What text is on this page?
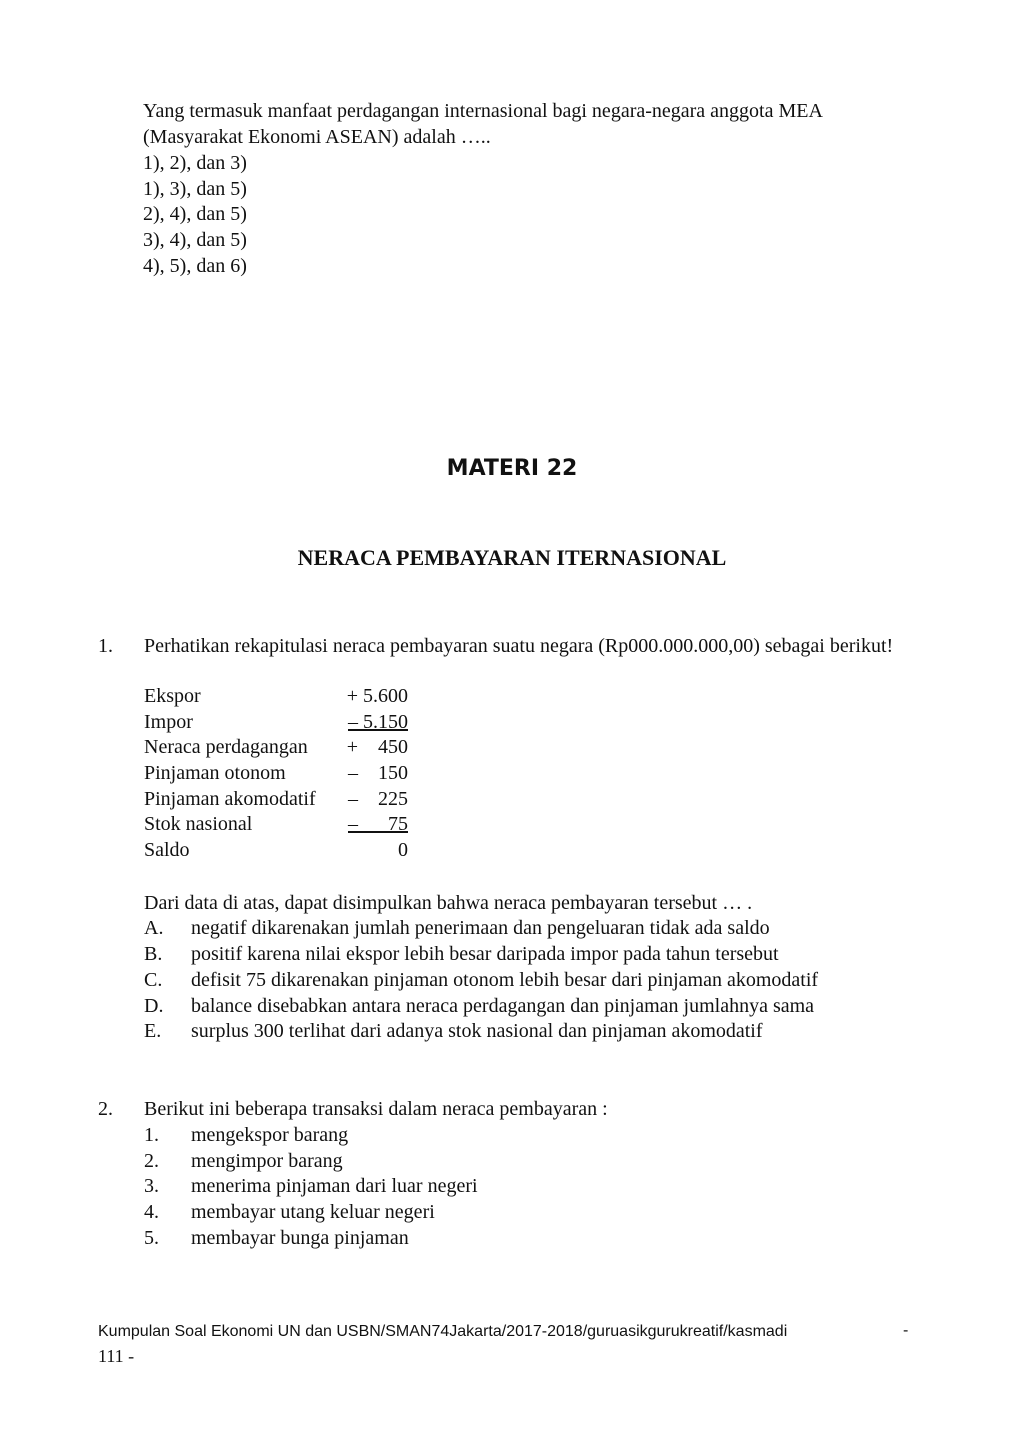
Yang termasuk manfaat perdagangan internasional bagi negara-negara anggota MEA
(Masyarakat Ekonomi ASEAN) adalah …..
1), 2), dan 3)
1), 3), dan 5)
2), 4), dan 5)
3), 4), dan 5)
4), 5), dan 6)
MATERI 22
NERACA PEMBAYARAN ITERNASIONAL
1. Perhatikan rekapitulasi neraca pembayaran suatu negara (Rp000.000.000,00) sebagai berikut!
Ekspor	+ 5.600
Impor	– 5.150
Neraca perdagangan +    450
Pinjaman otonom	–    150
Pinjaman akomodatif –    225
Stok nasional	–      75
Saldo	0
Dari data di atas, dapat disimpulkan bahwa neraca pembayaran tersebut … .
A. negatif dikarenakan jumlah penerimaan dan pengeluaran tidak ada saldo
B. positif karena nilai ekspor lebih besar daripada impor pada tahun tersebut
C. defisit 75 dikarenakan pinjaman otonom lebih besar dari pinjaman akomodatif
D. balance disebabkan antara neraca perdagangan dan pinjaman jumlahnya sama
E. surplus 300 terlihat dari adanya stok nasional dan pinjaman akomodatif
2. Berikut ini beberapa transaksi dalam neraca pembayaran :
1. mengekspor barang
2. mengimpor barang
3. menerima pinjaman dari luar negeri
4. membayar utang keluar negeri
5. membayar bunga pinjaman
Kumpulan Soal Ekonomi UN dan USBN/SMAN74Jakarta/2017-2018/guruasikgurukreatif/kasmadi	-
111 -
